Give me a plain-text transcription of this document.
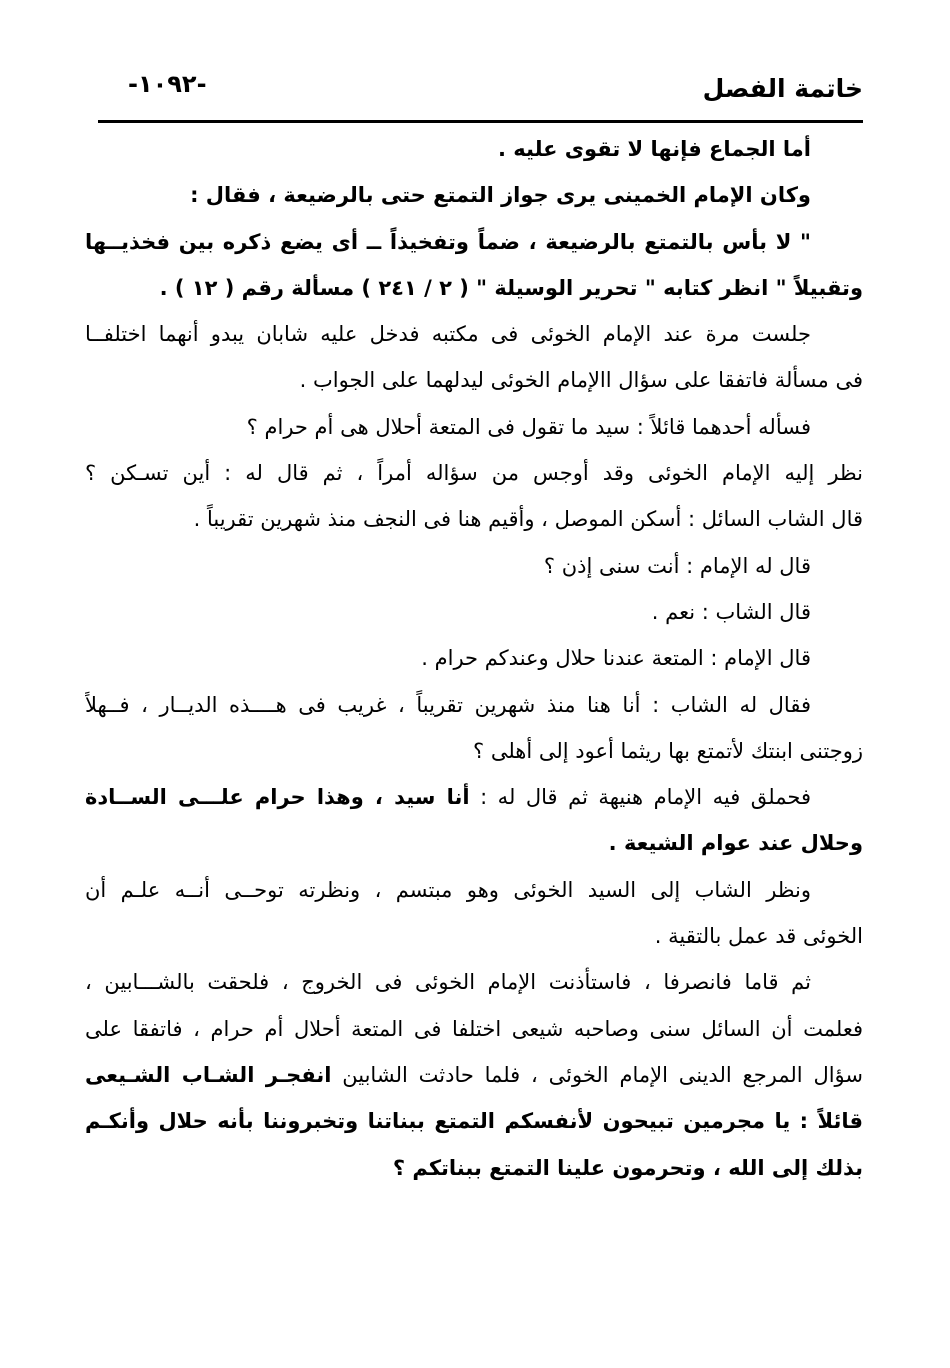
خاتمة الفصل
-١٠٩٢-

أما الجماع فإنها لا تقوى عليه .

وكان الإمام الخمينى يرى جواز التمتع حتى بالرضيعة ، فقال :

" لا بأس بالتمتع بالرضيعة ، ضماً وتفخيذاً ــ أى يضع ذكره بين فخذيــها

وتقبيلاً " انظر كتابه " تحرير الوسيلة " ( ٢ / ٢٤١ ) مسألة رقم ( ١٢ ) .

جلست مرة عند الإمام الخوئى فى مكتبه فدخل عليه شابان يبدو أنهما اختلفــا

فى مسألة فاتفقا على سؤال االإمام الخوئى ليدلهما على الجواب .

فسأله أحدهما قائلاً : سيد ما تقول فى المتعة أحلال هى أم حرام ؟

نظر إليه الإمام الخوئى وقد أوجس من سؤاله أمراً ، ثم قال له : أين تسـكن ؟

قال الشاب السائل : أسكن الموصل ، وأقيم هنا فى النجف منذ شهرين تقريباً .

قال له الإمام : أنت سنى إذن ؟

قال الشاب : نعم .

قال الإمام : المتعة عندنا حلال وعندكم حرام .

فقال له الشاب : أنا هنا منذ شهرين تقريباً ، غريب فى هــــذه الديــار ، فــهلاً

زوجتنى ابنتك لأتمتع بها ريثما أعود إلى أهلى ؟

فحملق فيه الإمام هنيهة ثم قال له : أنا سيد ، وهذا حرام علـــى الســادة

وحلال عند عوام الشيعة .

ونظر الشاب إلى السيد الخوئى وهو مبتسم ، ونظرته توحــى أنــه علـم أن

الخوئى قد عمل بالتقية .

ثم قاما فانصرفا ، فاستأذنت الإمام الخوئى فى الخروج ، فلحقت بالشـــابين ،

فعلمت أن السائل سنى وصاحبه شيعى اختلفا فى المتعة أحلال أم حرام ، فاتفقا على

سؤال المرجع الدينى الإمام الخوئى ، فلما حادثت الشابين انفجـر الشـاب الشـيعى

قائلاً : يا مجرمين تبيحون لأنفسكم التمتع ببناتنا وتخبروننا بأنه حلال وأنكـم

بذلك إلى الله ، وتحرمون علينا التمتع ببناتكم ؟
